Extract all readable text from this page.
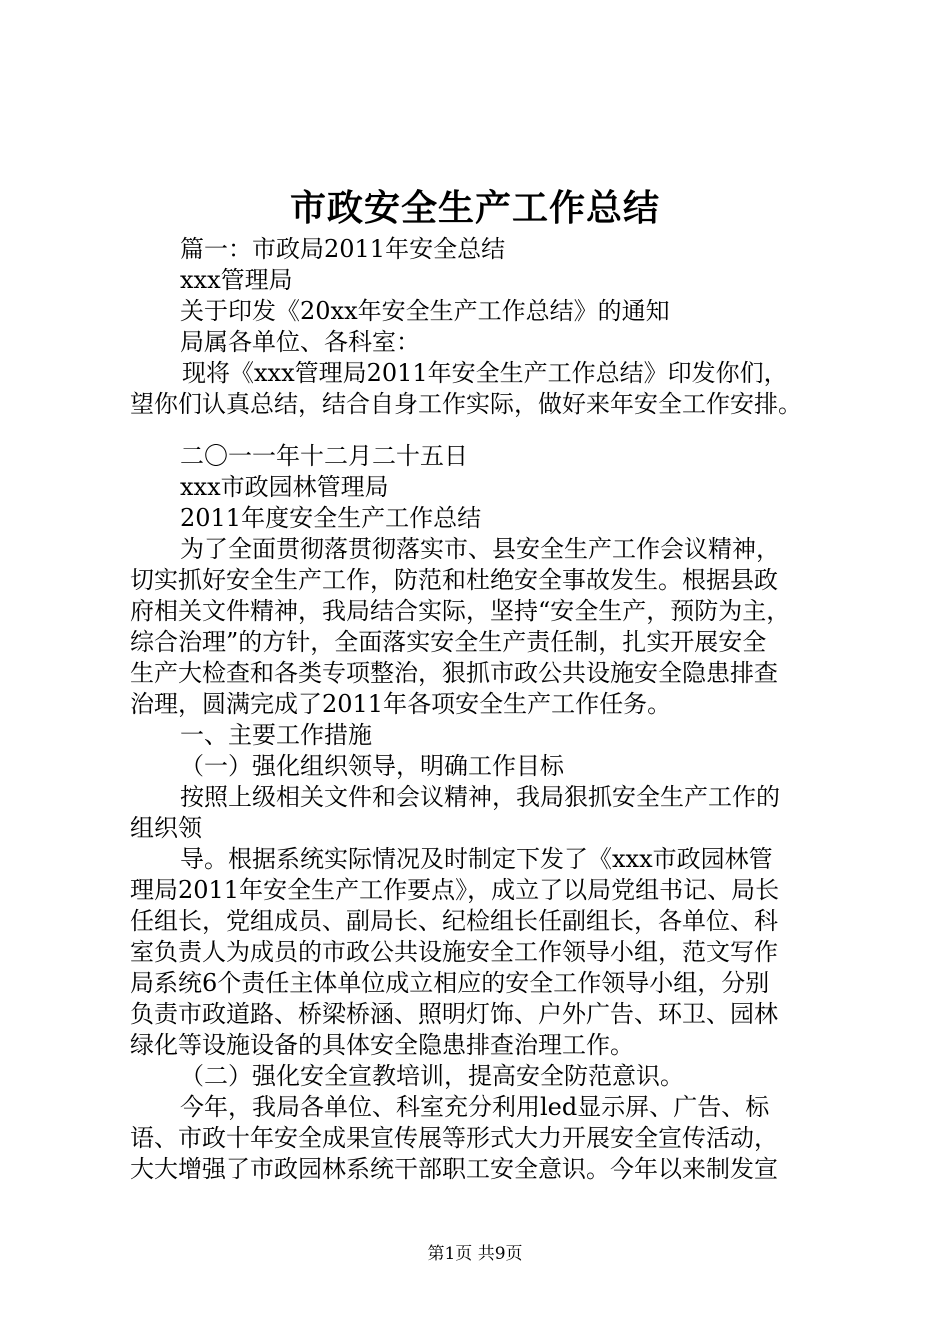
市政安全生产工作总结

篇一：市政局2011年安全总结

xxx管理局

关于印发《20xx年安全生产工作总结》的通知

局属各单位、各科室：

现将《xxx管理局2011年安全生产工作总结》印发你们，

望你们认真总结，结合自身工作实际，做好来年安全工作安排。

二〇一一年十二月二十五日

xxx市政园林管理局

2011年度安全生产工作总结

为了全面贯彻落贯彻落实市、县安全生产工作会议精神，

切实抓好安全生产工作，防范和杜绝安全事故发生。根据县政

府相关文件精神，我局结合实际，坚持“安全生产，预防为主，

综合治理”的方针，全面落实安全生产责任制，扎实开展安全

生产大检查和各类专项整治，狠抓市政公共设施安全隐患排查

治理，圆满完成了2011年各项安全生产工作任务。

一、主要工作措施

（一）强化组织领导，明确工作目标

按照上级相关文件和会议精神，我局狠抓安全生产工作的

组织领

导。根据系统实际情况及时制定下发了《xxx市政园林管

理局2011年安全生产工作要点》，成立了以局党组书记、局长

任组长，党组成员、副局长、纪检组长任副组长，各单位、科

室负责人为成员的市政公共设施安全工作领导小组，范文写作

局系统6个责任主体单位成立相应的安全工作领导小组，分别

负责市政道路、桥梁桥涵、照明灯饰、户外广告、环卫、园林

绿化等设施设备的具体安全隐患排查治理工作。

（二）强化安全宣教培训，提高安全防范意识。

今年，我局各单位、科室充分利用led显示屏、广告、标

语、市政十年安全成果宣传展等形式大力开展安全宣传活动，

大大增强了市政园林系统干部职工安全意识。今年以来制发宣

第1页 共9页
